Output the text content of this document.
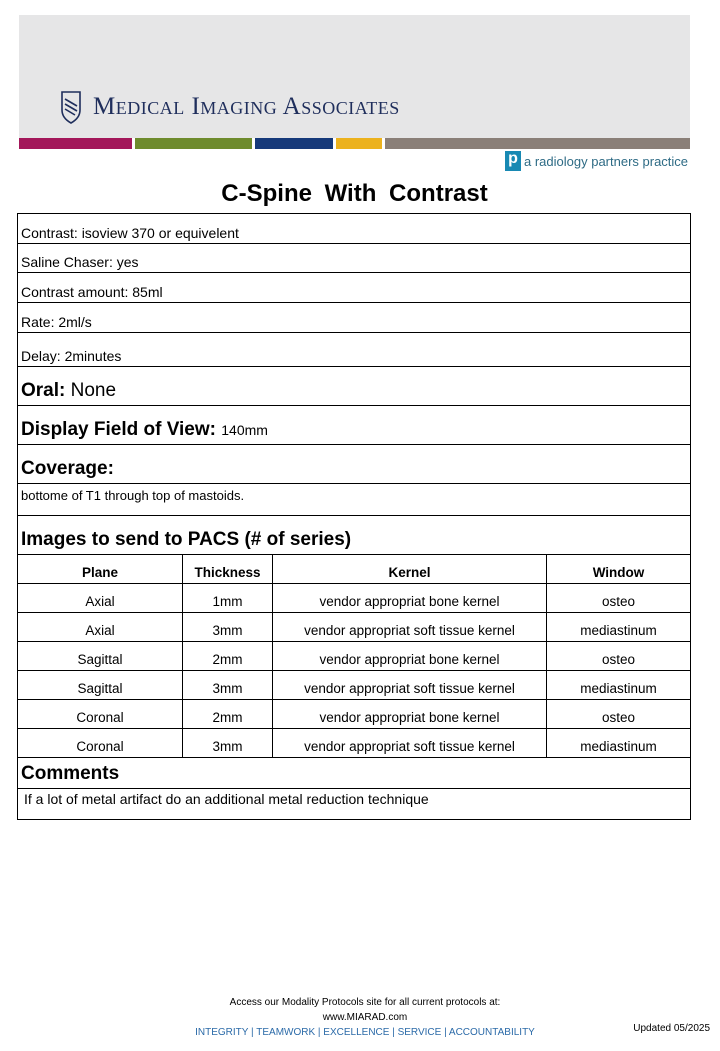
Medical Imaging Associates
p a radiology partners practice
C-Spine With Contrast
Contrast: isoview 370 or equivelent
Saline Chaser: yes
Contrast amount: 85ml
Rate: 2ml/s
Delay: 2minutes
Oral: None
Display Field of View: 140mm
Coverage:
bottome of T1 through top of mastoids.
Images to send to PACS (# of series)
Plane	Thickness	Kernel	Window
Axial	1mm	vendor appropriat bone kernel	osteo
Axial	3mm	vendor appropriat soft tissue kernel	mediastinum
Sagittal	2mm	vendor appropriat bone kernel	osteo
Sagittal	3mm	vendor appropriat soft tissue kernel	mediastinum
Coronal	2mm	vendor appropriat bone kernel	osteo
Coronal	3mm	vendor appropriat soft tissue kernel	mediastinum
Comments
If a lot of metal artifact do an additional metal reduction technique
Access our Modality Protocols site for all current protocols at:
www.MIARAD.com
INTEGRITY | TEAMWORK | EXCELLENCE | SERVICE | ACCOUNTABILITY	Updated 05/2025
